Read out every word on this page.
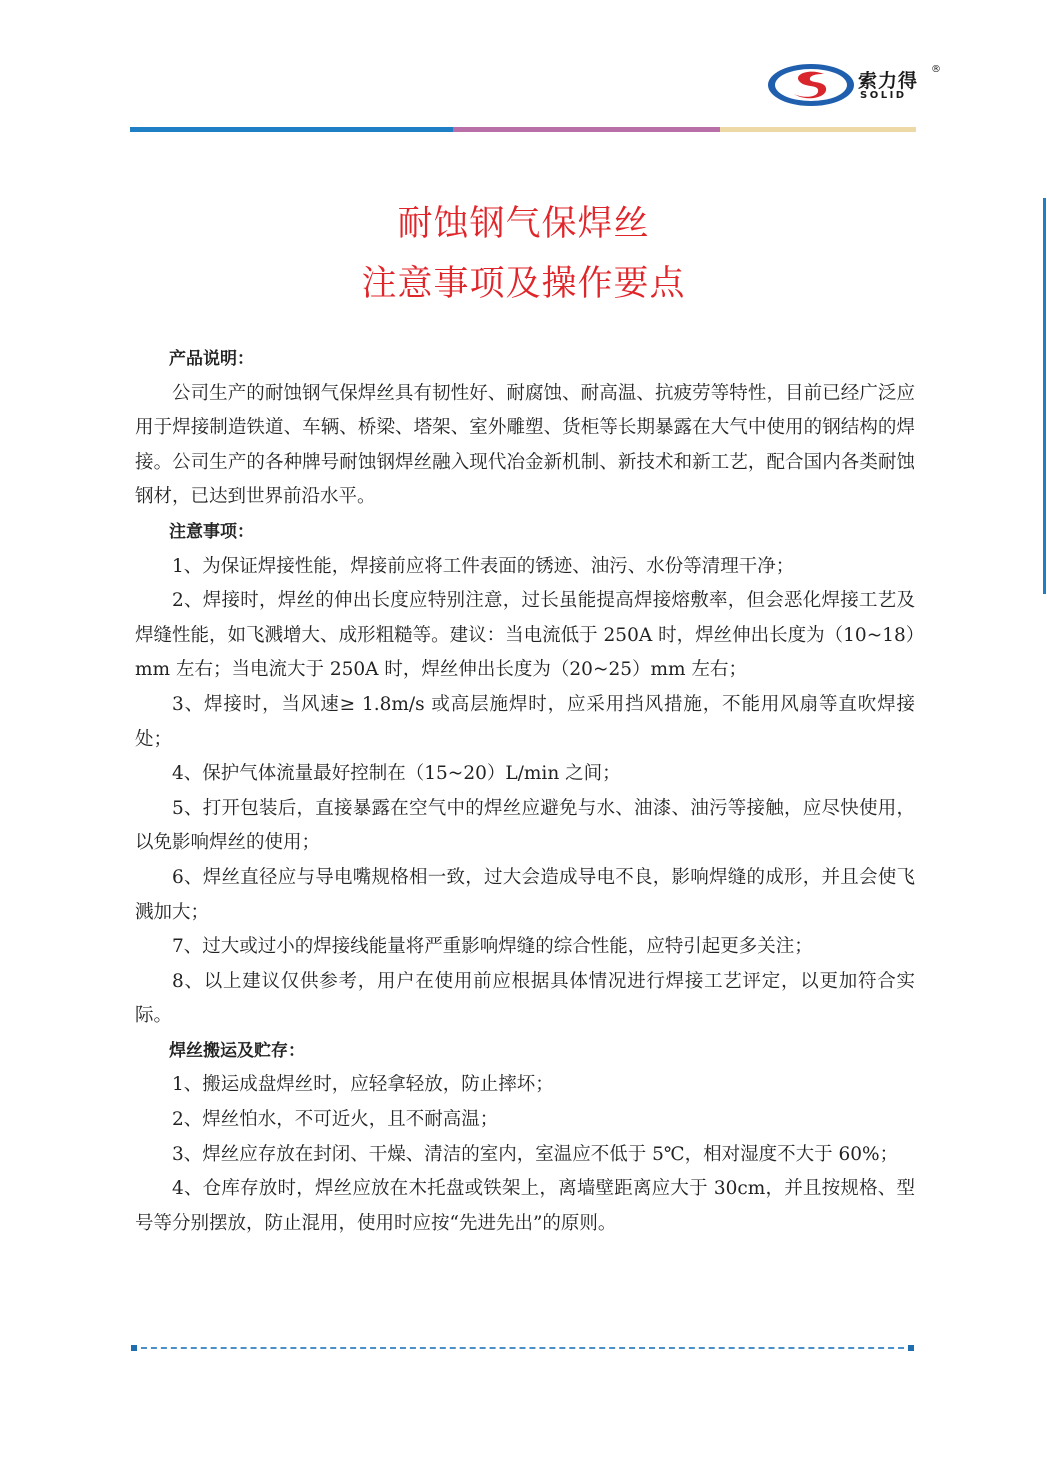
索力得
SOLID
®
耐蚀钢气保焊丝
注意事项及操作要点

产品说明：

公司生产的耐蚀钢气保焊丝具有韧性好、耐腐蚀、耐高温、抗疲劳等特性，目前已经广泛应用于焊接制造铁道、车辆、桥梁、塔架、室外雕塑、货柜等长期暴露在大气中使用的钢结构的焊接。公司生产的各种牌号耐蚀钢焊丝融入现代冶金新机制、新技术和新工艺，配合国内各类耐蚀钢材，已达到世界前沿水平。

注意事项：

1、为保证焊接性能，焊接前应将工件表面的锈迹、油污、水份等清理干净；

2、焊接时，焊丝的伸出长度应特别注意，过长虽能提高焊接熔敷率，但会恶化焊接工艺及焊缝性能，如飞溅增大、成形粗糙等。建议：当电流低于 250A 时，焊丝伸出长度为（10~18）mm 左右；当电流大于 250A 时，焊丝伸出长度为（20~25）mm 左右；

3、焊接时，当风速≥ 1.8m/s 或高层施焊时，应采用挡风措施，不能用风扇等直吹焊接处；

4、保护气体流量最好控制在（15~20）L/min 之间；

5、打开包装后，直接暴露在空气中的焊丝应避免与水、油漆、油污等接触，应尽快使用，以免影响焊丝的使用；

6、焊丝直径应与导电嘴规格相一致，过大会造成导电不良，影响焊缝的成形，并且会使飞溅加大；

7、过大或过小的焊接线能量将严重影响焊缝的综合性能，应特引起更多关注；

8、以上建议仅供参考，用户在使用前应根据具体情况进行焊接工艺评定，以更加符合实际。

焊丝搬运及贮存：

1、搬运成盘焊丝时，应轻拿轻放，防止摔坏；

2、焊丝怕水，不可近火，且不耐高温；

3、焊丝应存放在封闭、干燥、清洁的室内，室温应不低于 5℃，相对湿度不大于 60%；

4、仓库存放时，焊丝应放在木托盘或铁架上，离墙壁距离应大于 30cm，并且按规格、型号等分别摆放，防止混用，使用时应按“先进先出”的原则。
